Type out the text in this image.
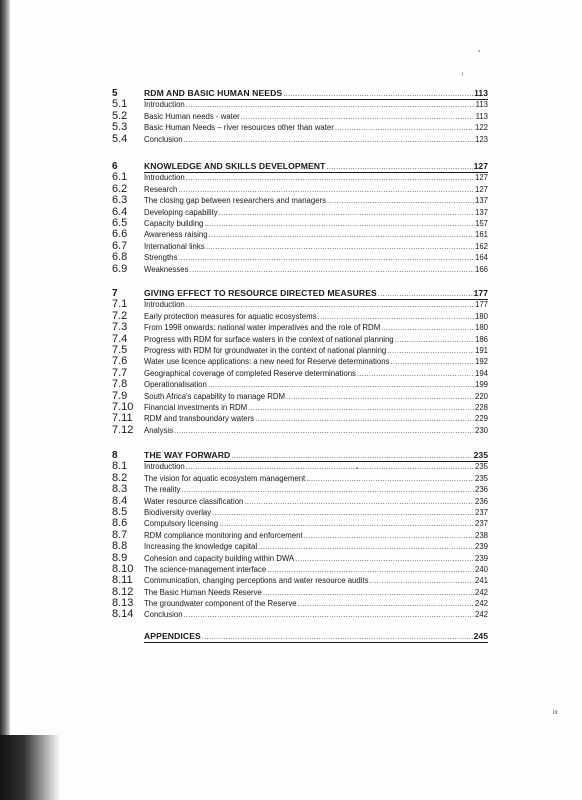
5	RDM AND BASIC HUMAN NEEDS .....	113
5.1	Introduction .....	113
5.2	Basic Human needs - water .....	113
5.3	Basic Human Needs – river resources other than water .....	122
5.4	Conclusion .....	123
6	KNOWLEDGE AND SKILLS DEVELOPMENT .....	127
6.1	Introduction .....	127
6.2	Research .....	127
6.3	The closing gap between researchers and managers .....	137
6.4	Developing capability .....	137
6.5	Capacity building .....	157
6.6	Awareness raising .....	161
6.7	International links .....	162
6.8	Strengths .....	164
6.9	Weaknesses .....	166
7	GIVING EFFECT TO RESOURCE DIRECTED MEASURES .....	177
7.1	Introduction .....	177
7.2	Early protection measures for aquatic ecosystems .....	180
7.3	From 1998 onwards: national water imperatives and the role of RDM .....	180
7.4	Progress with RDM for surface waters in the context of national planning .....	186
7.5	Progress with RDM for groundwater in the context of national planning .....	191
7.6	Water use licence applications: a new need for Reserve determinations .....	192
7.7	Geographical coverage of completed Reserve determinations .....	194
7.8	Operationalisation .....	199
7.9	South Africa's capability to manage RDM .....	220
7.10	Financial investments in RDM .....	228
7.11	RDM and transboundary waters .....	229
7.12	Analysis .....	230
8	THE WAY FORWARD .....	235
8.1	Introduction .....	235
8.2	The vision for aquatic ecosystem management .....	235
8.3	The reality .....	236
8.4	Water resource classification .....	236
8.5	Biodiversity overlay .....	237
8.6	Compulsory licensing .....	237
8.7	RDM compliance monitoring and enforcement .....	238
8.8	Increasing the knowledge capital .....	239
8.9	Cohesion and capacity building within DWA .....	239
8.10	The science-management interface .....	240
8.11	Communication, changing perceptions and water resource audits .....	241
8.12	The Basic Human Needs Reserve .....	242
8.13	The groundwater component of the Reserve .....	242
8.14	Conclusion .....	242
APPENDICES .....	245
ix
